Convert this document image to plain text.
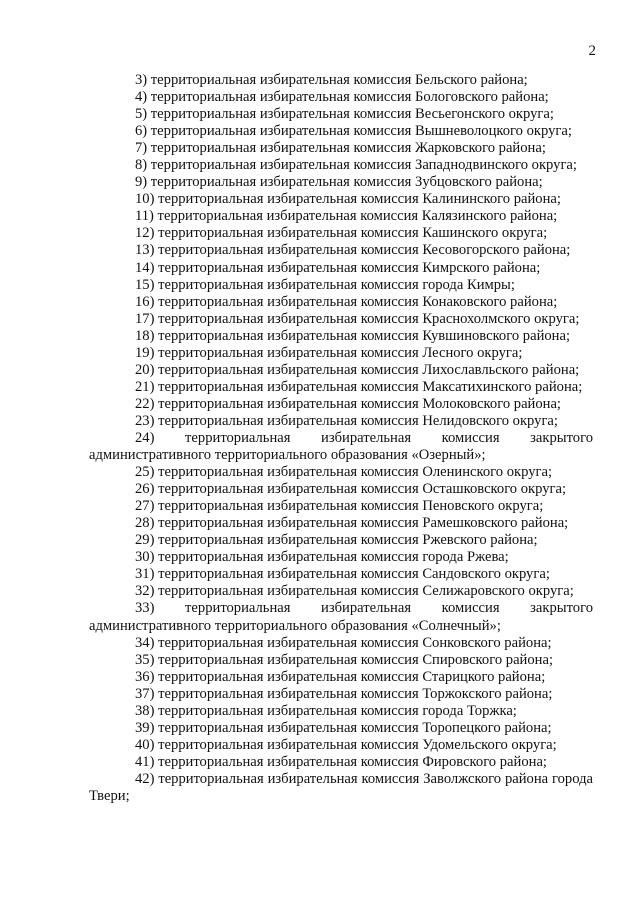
2
3) территориальная избирательная комиссия Бельского района;
4) территориальная избирательная комиссия Бологовского района;
5) территориальная избирательная комиссия Весьегонского округа;
6) территориальная избирательная комиссия Вышневолоцкого округа;
7) территориальная избирательная комиссия Жарковского района;
8) территориальная избирательная комиссия Западнодвинского округа;
9) территориальная избирательная комиссия Зубцовского района;
10) территориальная избирательная комиссия Калининского района;
11) территориальная избирательная комиссия Калязинского района;
12) территориальная избирательная комиссия Кашинского округа;
13) территориальная избирательная комиссия Кесовогорского района;
14) территориальная избирательная комиссия Кимрского района;
15) территориальная избирательная комиссия города Кимры;
16) территориальная избирательная комиссия Конаковского района;
17) территориальная избирательная комиссия Краснохолмского округа;
18) территориальная избирательная комиссия Кувшиновского района;
19) территориальная избирательная комиссия Лесного округа;
20) территориальная избирательная комиссия Лихославльского района;
21) территориальная избирательная комиссия Максатихинского района;
22) территориальная избирательная комиссия Молоковского района;
23) территориальная избирательная комиссия Нелидовского округа;
24) территориальная избирательная комиссия закрытого административного территориального образования «Озерный»;
25) территориальная избирательная комиссия Оленинского округа;
26) территориальная избирательная комиссия Осташковского округа;
27) территориальная избирательная комиссия Пеновского округа;
28) территориальная избирательная комиссия Рамешковского района;
29) территориальная избирательная комиссия Ржевского района;
30) территориальная избирательная комиссия города Ржева;
31) территориальная избирательная комиссия Сандовского округа;
32) территориальная избирательная комиссия Селижаровского округа;
33) территориальная избирательная комиссия закрытого административного территориального образования «Солнечный»;
34) территориальная избирательная комиссия Сонковского района;
35) территориальная избирательная комиссия Спировского района;
36) территориальная избирательная комиссия Старицкого района;
37) территориальная избирательная комиссия Торжокского района;
38) территориальная избирательная комиссия города Торжка;
39) территориальная избирательная комиссия Торопецкого района;
40) территориальная избирательная комиссия Удомельского округа;
41) территориальная избирательная комиссия Фировского района;
42) территориальная избирательная комиссия Заволжского района города Твери;
